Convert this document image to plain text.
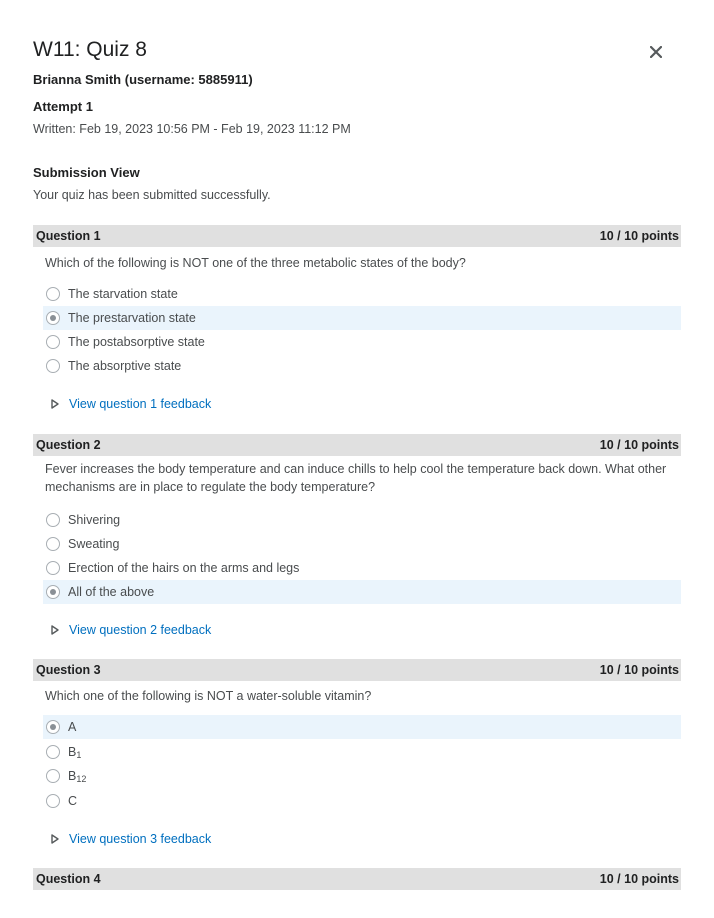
W11: Quiz 8
Brianna Smith (username: 5885911)
Attempt 1
Written: Feb 19, 2023 10:56 PM - Feb 19, 2023 11:12 PM
Submission View
Your quiz has been submitted successfully.
Question 1	10 / 10 points
Which of the following is NOT one of the three metabolic states of the body?
The starvation state
The prestarvation state
The postabsorptive state
The absorptive state
View question 1 feedback
Question 2	10 / 10 points
Fever increases the body temperature and can induce chills to help cool the temperature back down. What other mechanisms are in place to regulate the body temperature?
Shivering
Sweating
Erection of the hairs on the arms and legs
All of the above
View question 2 feedback
Question 3	10 / 10 points
Which one of the following is NOT a water-soluble vitamin?
A
$B_1$
$B_{12}$
C
View question 3 feedback
Question 4	10 / 10 points
